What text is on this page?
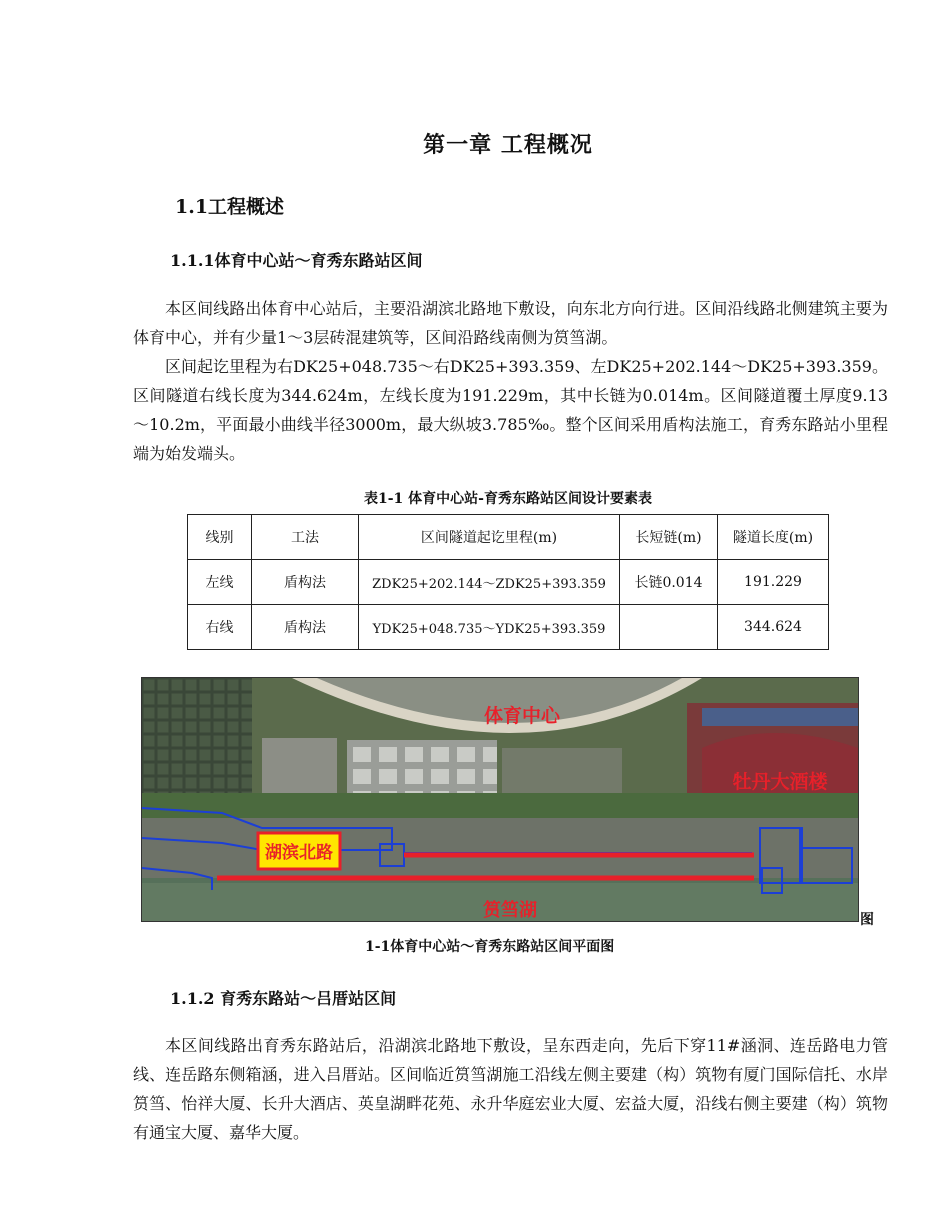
第一章 工程概况
1.1工程概述
1.1.1体育中心站～育秀东路站区间

本区间线路出体育中心站后，主要沿湖滨北路地下敷设，向东北方向行进。区间沿线路北侧建筑主要为体育中心，并有少量1～3层砖混建筑等，区间沿路线南侧为筼筜湖。

区间起讫里程为右DK25+048.735～右DK25+393.359、左DK25+202.144～DK25+393.359。区间隧道右线长度为344.624m，左线长度为191.229m，其中长链为0.014m。区间隧道覆土厚度9.13～10.2m，平面最小曲线半径3000m，最大纵坡3.785‰。整个区间采用盾构法施工，育秀东路站小里程端为始发端头。

表1-1 体育中心站-育秀东路站区间设计要素表
线别	工法	区间隧道起讫里程(m)	长短链(m)	隧道长度(m)
左线	盾构法	ZDK25+202.144～ZDK25+393.359	长链0.014	191.229
右线	盾构法	YDK25+048.735～YDK25+393.359		344.624
体育中心
牡丹大酒楼
湖滨北路
筼筜湖	图
1-1体育中心站～育秀东路站区间平面图
1.1.2 育秀东路站～吕厝站区间

本区间线路出育秀东路站后，沿湖滨北路地下敷设，呈东西走向，先后下穿11#涵洞、连岳路电力管线、连岳路东侧箱涵，进入吕厝站。区间临近筼筜湖施工沿线左侧主要建（构）筑物有厦门国际信托、水岸筼筜、怡祥大厦、长升大酒店、英皇湖畔花苑、永升华庭宏业大厦、宏益大厦，沿线右侧主要建（构）筑物有通宝大厦、嘉华大厦。
